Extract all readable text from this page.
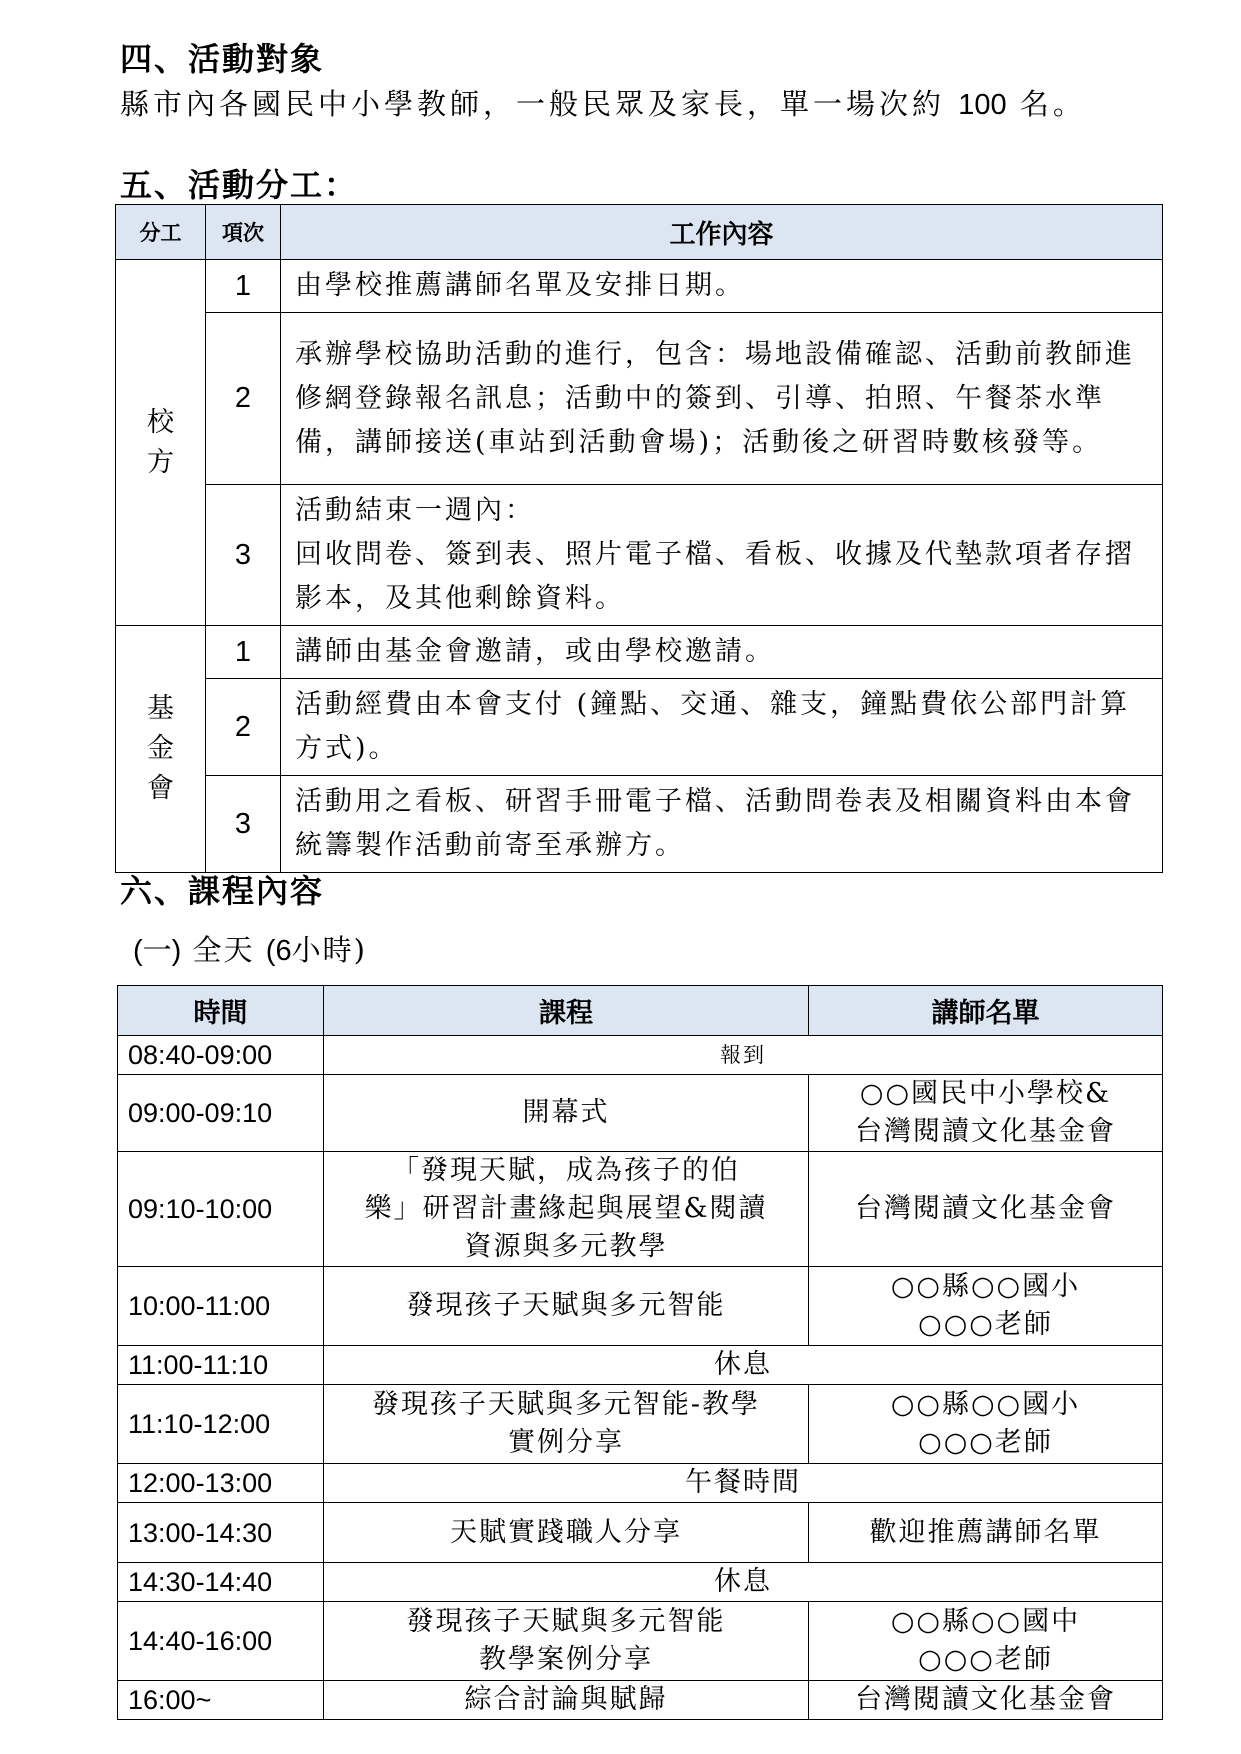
四、活動對象
縣市內各國民中小學教師，一般民眾及家長，單一場次約 100 名。
五、活動分工：
分工	項次	工作內容

校
方	1	由學校推薦講師名單及安排日期。
	2	承辦學校協助活動的進行，包含：場地設備確認、活動前教師進修網登錄報名訊息；活動中的簽到、引導、拍照、午餐茶水準備，講師接送(車站到活動會場)；活動後之研習時數核發等。
	3	活動結束一週內：
回收問卷、簽到表、照片電子檔、看板、收據及代墊款項者存摺影本，及其他剩餘資料。

基
金
會	1	講師由基金會邀請，或由學校邀請。
	2	活動經費由本會支付 (鐘點、交通、雜支，鐘點費依公部門計算方式)。
	3	活動用之看板、研習手冊電子檔、活動問卷表及相關資料由本會統籌製作活動前寄至承辦方。
六、課程內容
(一) 全天 (6小時)
時間	課程	講師名單
08:40-09:00	報到	
09:00-09:10	開幕式	○○國民中小學校&
台灣閱讀文化基金會
09:10-10:00	「發現天賦，成為孩子的伯
樂」研習計畫緣起與展望&閱讀
資源與多元教學	台灣閱讀文化基金會
10:00-11:00	發現孩子天賦與多元智能	○○縣○○國小
○○○老師
11:00-11:10	休息	
11:10-12:00	發現孩子天賦與多元智能-教學
實例分享	○○縣○○國小
○○○老師
12:00-13:00	午餐時間	
13:00-14:30	天賦實踐職人分享	歡迎推薦講師名單
14:30-14:40	休息	
14:40-16:00	發現孩子天賦與多元智能
教學案例分享	○○縣○○國中
○○○老師
16:00~	綜合討論與賦歸	台灣閱讀文化基金會
